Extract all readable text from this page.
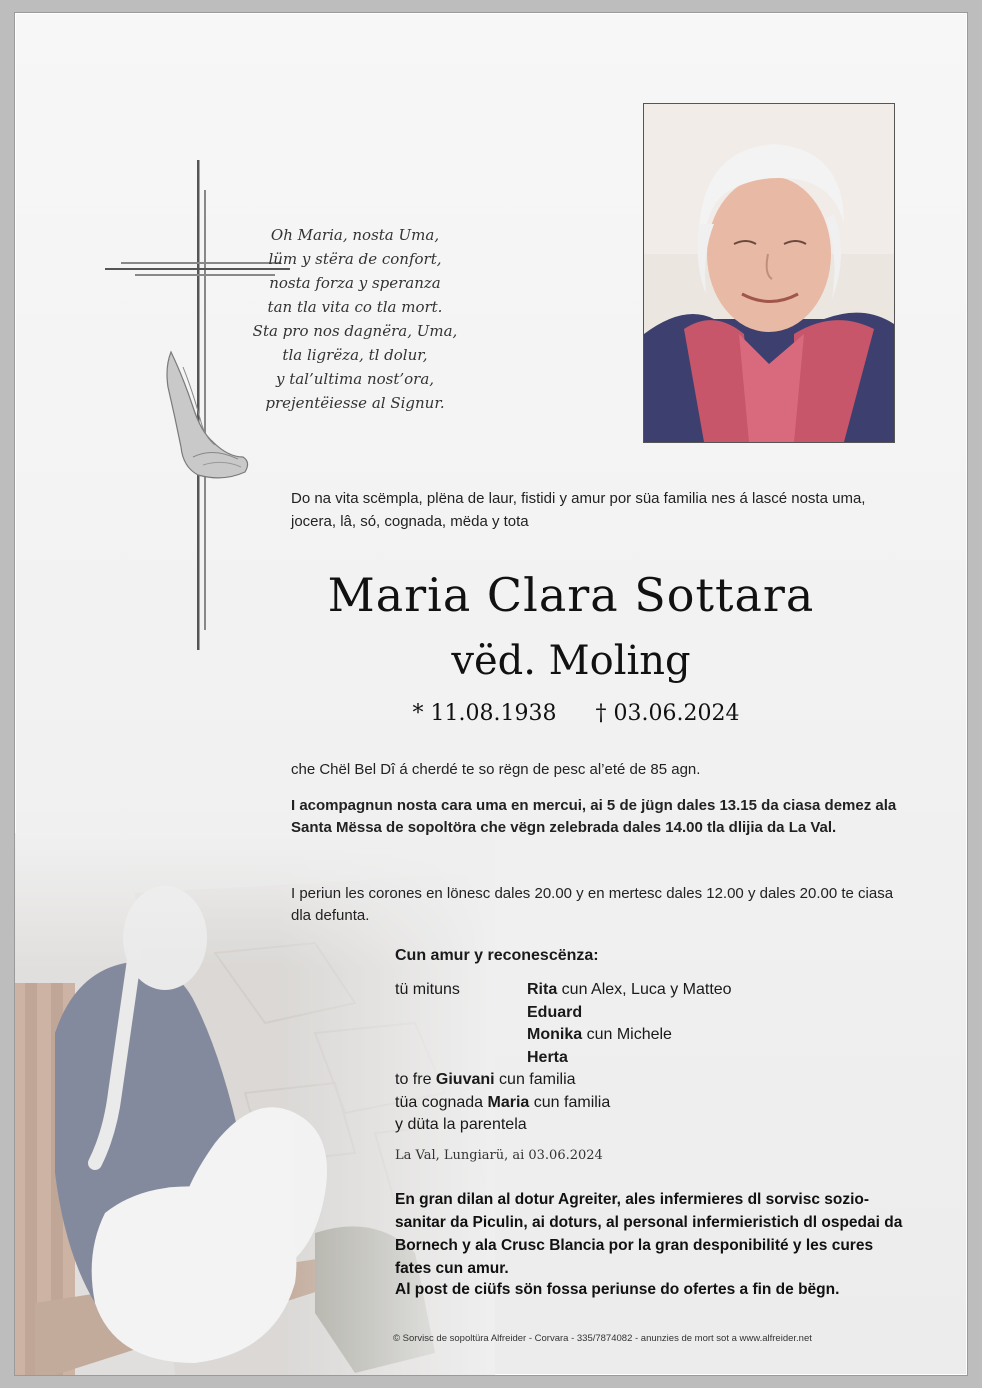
Oh Maria, nosta Uma,
lüm y stëra de confort,
nosta forza y speranza
tan tla vita co tla mort.
Sta pro nos dagnëra, Uma,
tla ligrëza, tl dolur,
y tal’ultima nost’ora,
prejentëiesse al Signur.
Do na vita scëmpla, plëna de laur, fistidi y amur por süa familia nes á lascé nosta uma, jocera, lâ, só, cognada, mëda y tota
Maria Clara Sottara
vëd. Moling
* 11.08.1938 † 03.06.2024
che Chël Bel Dî á cherdé te so rëgn de pesc al’eté de 85 agn.
I acompagnun nosta cara uma en mercui, ai 5 de jügn dales 13.15 da ciasa demez ala Santa Mëssa de sopoltöra che vëgn zelebrada dales 14.00 tla dlijia da La Val.
I periun les corones en lönesc dales 20.00 y en mertesc dales 12.00 y dales 20.00 te ciasa dla defunta.
Cun amur y reconescënza:
tü mituns	Rita cun Alex, Luca y Matteo
Eduard
Monika cun Michele
Herta
to fre Giuvani cun familia
tüa cognada Maria cun familia
y düta la parentela
La Val, Lungiarü, ai 03.06.2024
En gran dilan al dotur Agreiter, ales infermieres dl sorvisc sozio-sanitar da Piculin, ai doturs, al personal infermieristich dl ospedai da Bornech y ala Crusc Blancia por la gran desponibilité y les cures fates cun amur.
Al post de ciüfs sön fossa periunse do ofertes a fin de bëgn.
© Sorvisc de sopoltüra Alfreider - Corvara - 335/7874082 - anunzies de mort sot a www.alfreider.net
